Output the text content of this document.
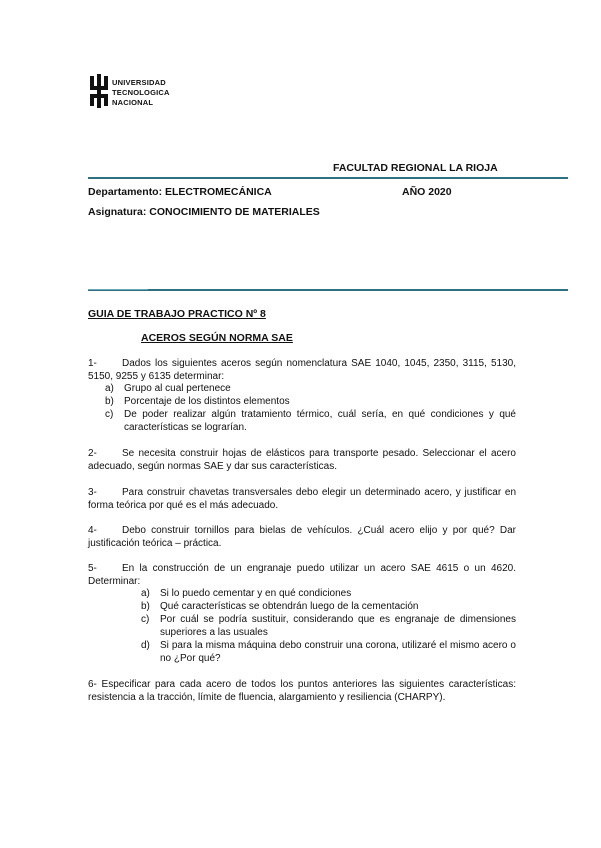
UNIVERSIDAD
TECNOLOGICA
NACIONAL
FACULTAD REGIONAL LA RIOJA
Departamento: ELECTROMECÁNICA	AÑO 2020
Asignatura: CONOCIMIENTO DE MATERIALES
GUIA DE TRABAJO PRACTICO Nº 8
ACEROS SEGÚN NORMA SAE
1-	Dados los siguientes aceros según nomenclatura SAE 1040, 1045, 2350, 3115, 5130, 5150, 9255 y 6135 determinar:
a) Grupo al cual pertenece
b) Porcentaje de los distintos elementos
c) De poder realizar algún tratamiento térmico, cuál sería, en qué condiciones y qué características se lograrían.
2-	Se necesita construir hojas de elásticos para transporte pesado. Seleccionar el acero adecuado, según normas SAE y dar sus características.
3-	Para construir chavetas transversales debo elegir un determinado acero, y justificar en forma teórica por qué es el más adecuado.
4-	Debo construir tornillos para bielas de vehículos. ¿Cuál acero elijo y por qué? Dar justificación teórica – práctica.
5-	En la construcción de un engranaje puedo utilizar un acero SAE 4615 o un 4620. Determinar:
a) Si lo puedo cementar y en qué condiciones
b) Qué características se obtendrán luego de la cementación
c) Por cuál se podría sustituir, considerando que es engranaje de dimensiones superiores a las usuales
d) Si para la misma máquina debo construir una corona, utilizaré el mismo acero o no ¿Por qué?
6- Especificar para cada acero de todos los puntos anteriores las siguientes características: resistencia a la tracción, límite de fluencia, alargamiento y resiliencia (CHARPY).
